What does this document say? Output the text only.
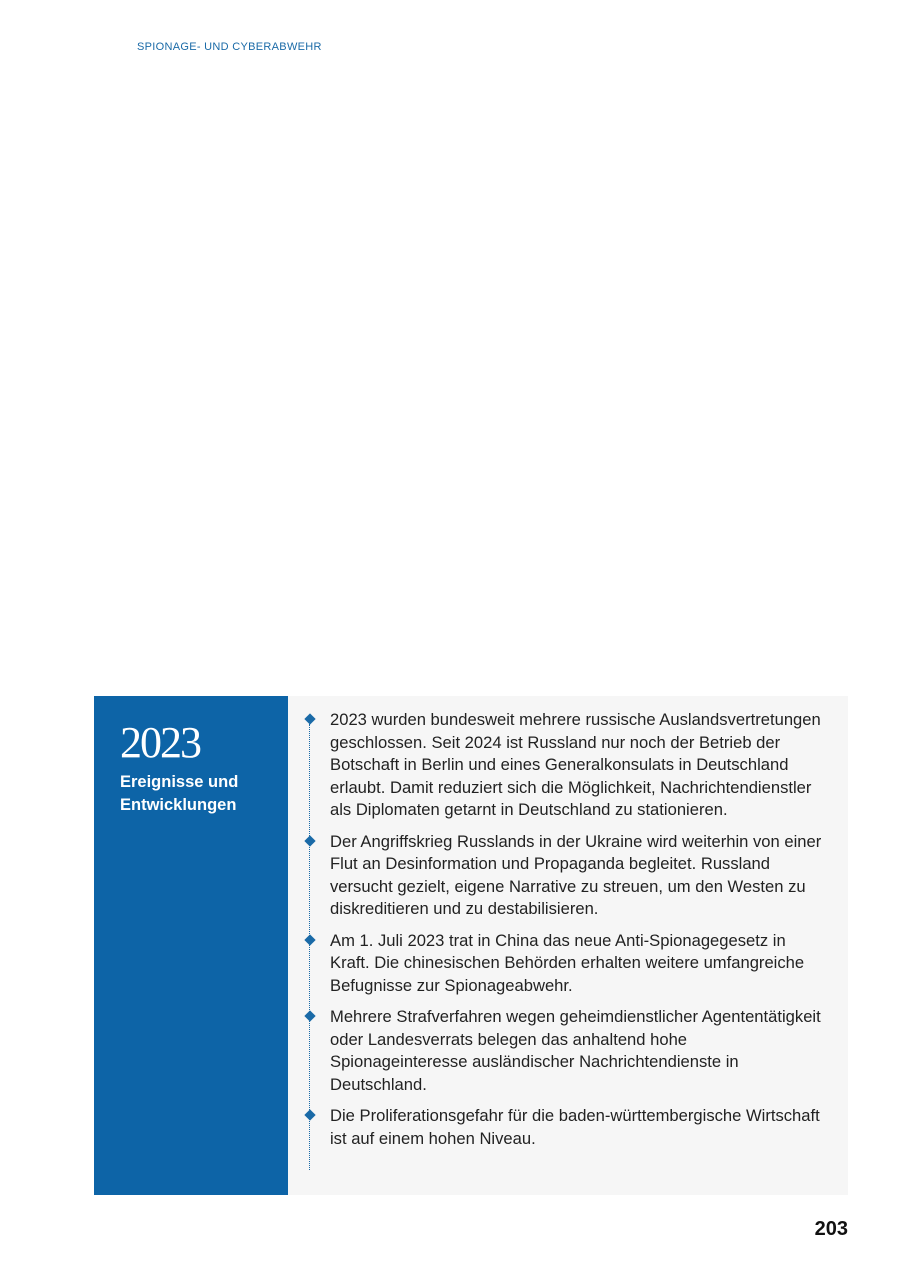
SPIONAGE- UND CYBERABWEHR
2023
Ereignisse und
Entwicklungen
2023 wurden bundesweit mehrere russische Auslandsvertretungen geschlossen. Seit 2024 ist Russland nur noch der Betrieb der Botschaft in Berlin und eines Generalkonsulats in Deutschland erlaubt. Damit reduziert sich die Möglichkeit, Nachrichtendienstler als Diplomaten getarnt in Deutschland zu stationieren.
Der Angriffskrieg Russlands in der Ukraine wird weiterhin von einer Flut an Desinformation und Propaganda begleitet. Russland versucht gezielt, eigene Narrative zu streuen, um den Westen zu diskreditieren und zu destabilisieren.
Am 1. Juli 2023 trat in China das neue Anti-Spionagegesetz in Kraft. Die chinesischen Behörden erhalten weitere umfangreiche Befugnisse zur Spionageabwehr.
Mehrere Strafverfahren wegen geheimdienstlicher Agententätigkeit oder Landesverrats belegen das anhaltend hohe Spionageinteresse ausländischer Nachrichtendienste in Deutschland.
Die Proliferationsgefahr für die baden-württembergische Wirtschaft ist auf einem hohen Niveau.
203
